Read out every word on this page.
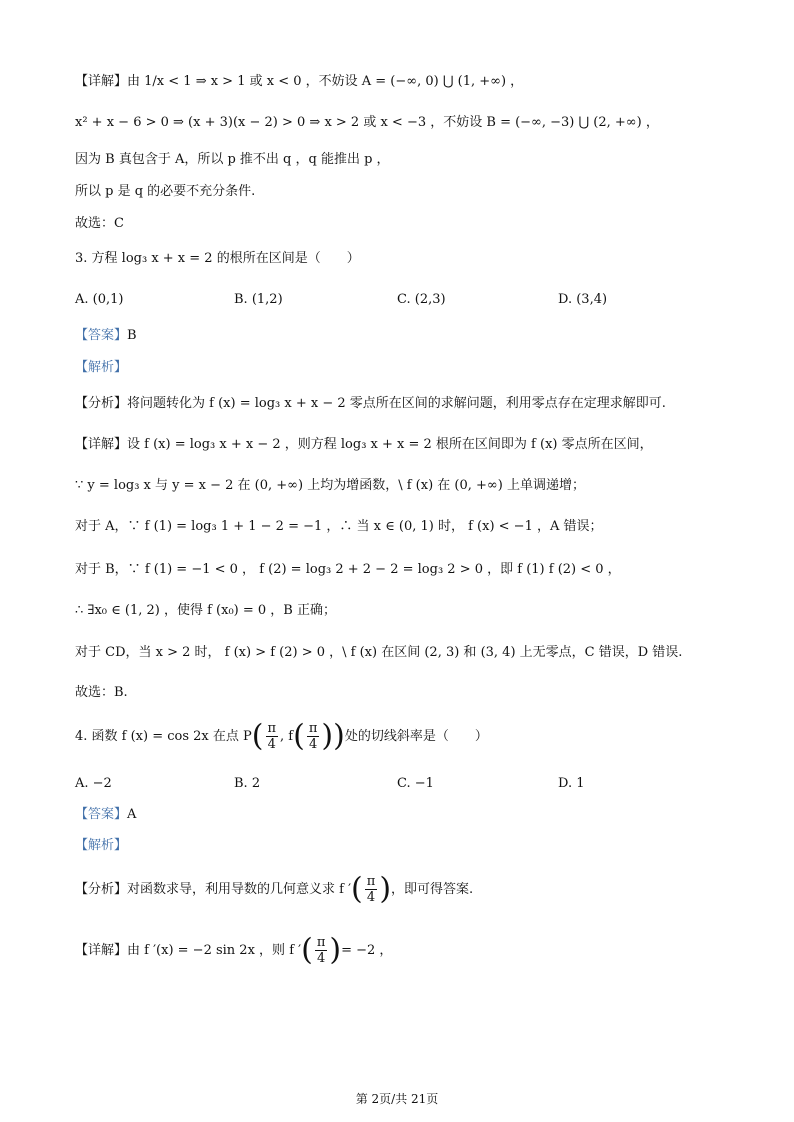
【详解】由 1/x < 1 ⇒ x > 1 或 x < 0 ，不妨设 A = (−∞, 0) ⋃ (1, +∞) ，
x² + x − 6 > 0 ⇒ (x + 3)(x − 2) > 0 ⇒ x > 2 或 x < −3 ，不妨设 B = (−∞, −3) ⋃ (2, +∞) ，
因为 B 真包含于 A，所以 p 推不出 q ，q 能推出 p ，
所以 p 是 q 的必要不充分条件.
故选：C
3. 方程 log₃ x + x = 2 的根所在区间是（　　）
A. (0,1)	B. (1,2)	C. (2,3)	D. (3,4)
【答案】B
【解析】
【分析】将问题转化为 f (x) = log₃ x + x − 2 零点所在区间的求解问题，利用零点存在定理求解即可.
【详解】设 f (x) = log₃ x + x − 2 ，则方程 log₃ x + x = 2 根所在区间即为 f (x) 零点所在区间，
∵ y = log₃ x 与 y = x − 2 在 (0, +∞) 上均为增函数，\ f (x) 在 (0, +∞) 上单调递增；
对于 A，∵ f (1) = log₃ 1 + 1 − 2 = −1 ，∴ 当 x ∈ (0, 1) 时， f (x) < −1 ，A 错误；
对于 B，∵ f (1) = −1 < 0 ， f (2) = log₃ 2 + 2 − 2 = log₃ 2 > 0 ，即 f (1) f (2) < 0 ，
∴ ∃x₀ ∈ (1, 2) ，使得 f (x₀) = 0 ，B 正确；
对于 CD，当 x > 2 时， f (x) > f (2) > 0 ，\ f (x) 在区间 (2, 3) 和 (3, 4) 上无零点，C 错误，D 错误.
故选：B.
4. 函数 f (x) = cos 2x 在点 $P( \frac{\pi}{4}$ , $f( \frac{\pi}{4}$ ))处的切线斜率是（　　）
A. −2	B. 2	C. −1	D. 1
【答案】A
【解析】
【分析】对函数求导，利用导数的几何意义求 f ′( $\frac{\pi}{4}$ )，即可得答案.
【详解】由 f ′(x) = −2 sin 2x ，则 f ′( $\frac{\pi}{4}$ )= −2 ，
第 2页/共 21页
